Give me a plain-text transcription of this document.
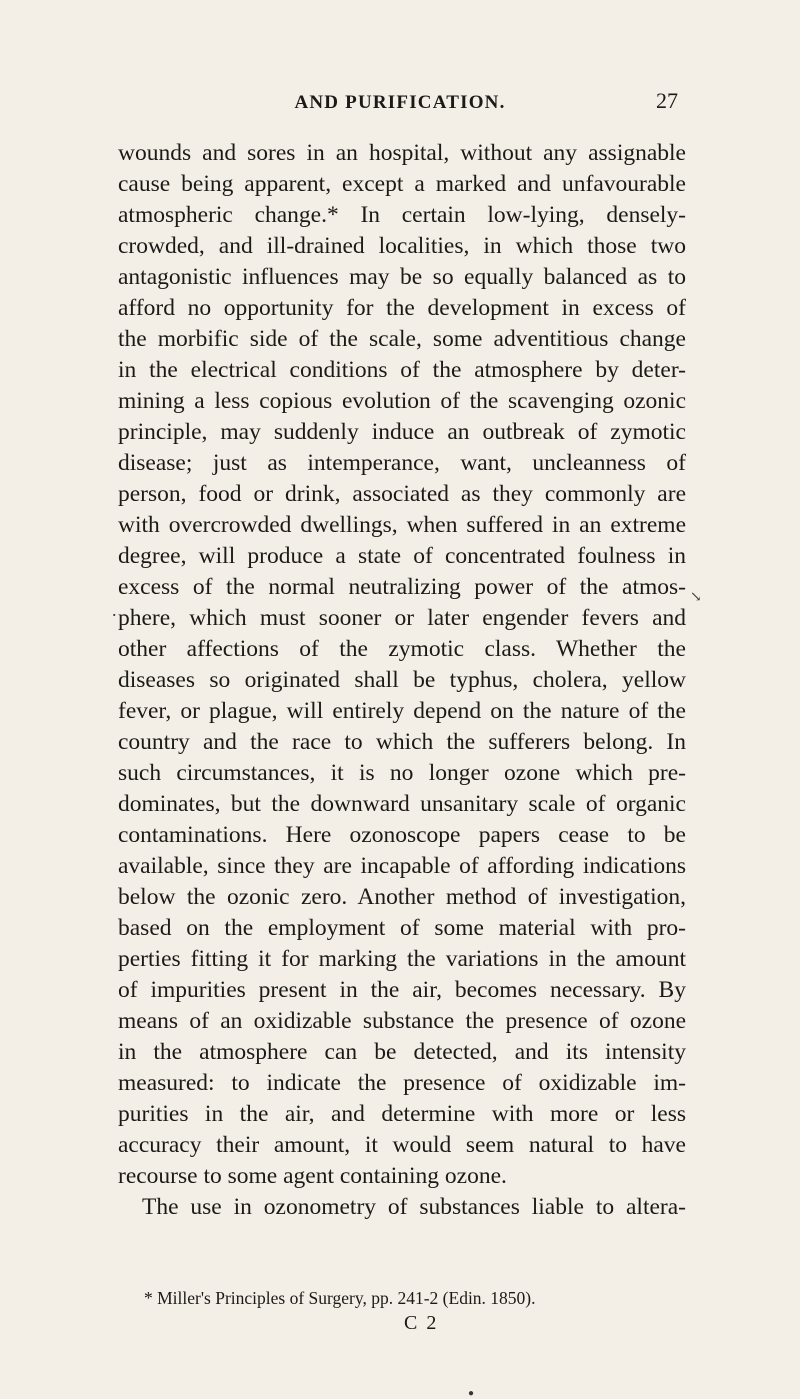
AND PURIFICATION.	27
wounds and sores in an hospital, without any assignable
cause being apparent, except a marked and unfavourable
atmospheric change.* In certain low-lying, densely-
crowded, and ill-drained localities, in which those two
antagonistic influences may be so equally balanced as to
afford no opportunity for the development in excess of
the morbific side of the scale, some adventitious change
in the electrical conditions of the atmosphere by deter-
mining a less copious evolution of the scavenging ozonic
principle, may suddenly induce an outbreak of zymotic
disease; just as intemperance, want, uncleanness of
person, food or drink, associated as they commonly are
with overcrowded dwellings, when suffered in an extreme
degree, will produce a state of concentrated foulness in
excess of the normal neutralizing power of the atmos-
phere, which must sooner or later engender fevers and
other affections of the zymotic class. Whether the
diseases so originated shall be typhus, cholera, yellow
fever, or plague, will entirely depend on the nature of the
country and the race to which the sufferers belong. In
such circumstances, it is no longer ozone which pre-
dominates, but the downward unsanitary scale of organic
contaminations. Here ozonoscope papers cease to be
available, since they are incapable of affording indications
below the ozonic zero. Another method of investigation,
based on the employment of some material with pro-
perties fitting it for marking the variations in the amount
of impurities present in the air, becomes necessary. By
means of an oxidizable substance the presence of ozone
in the atmosphere can be detected, and its intensity
measured: to indicate the presence of oxidizable im-
purities in the air, and determine with more or less
accuracy their amount, it would seem natural to have
recourse to some agent containing ozone.
The use in ozonometry of substances liable to altera-
* Miller's Principles of Surgery, pp. 241-2 (Edin. 1850).
C 2
↘
.
●
